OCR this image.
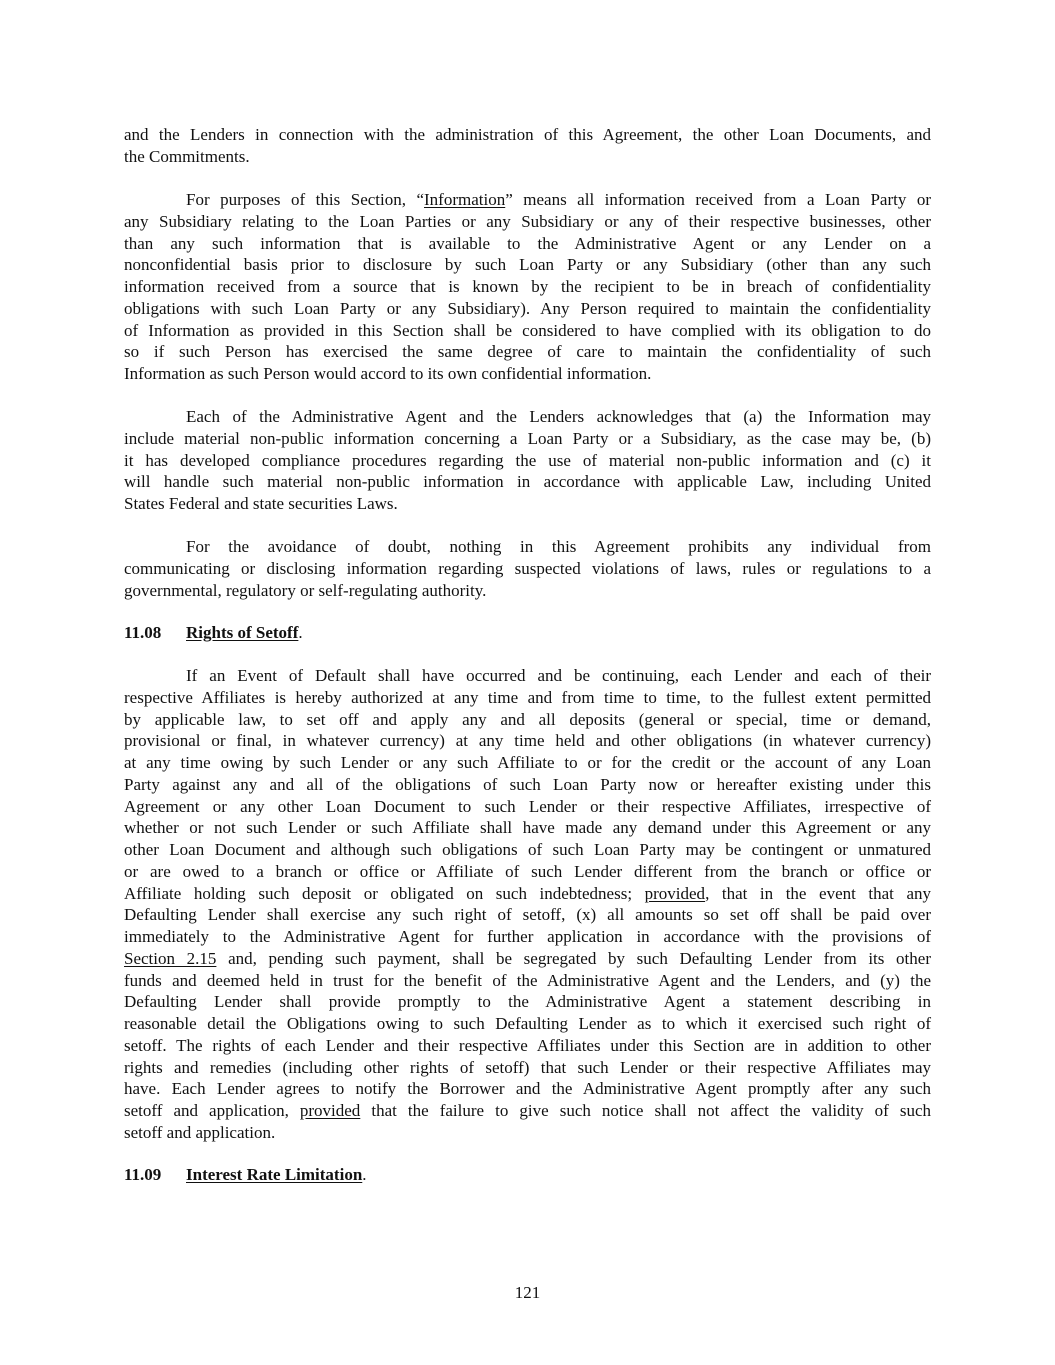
and the Lenders in connection with the administration of this Agreement, the other Loan Documents, and
the Commitments.
For purposes of this Section, “Information” means all information received from a Loan Party or
any Subsidiary relating to the Loan Parties or any Subsidiary or any of their respective businesses, other
than any such information that is available to the Administrative Agent or any Lender on a
nonconfidential basis prior to disclosure by such Loan Party or any Subsidiary (other than any such
information received from a source that is known by the recipient to be in breach of confidentiality
obligations with such Loan Party or any Subsidiary). Any Person required to maintain the confidentiality
of Information as provided in this Section shall be considered to have complied with its obligation to do
so if such Person has exercised the same degree of care to maintain the confidentiality of such
Information as such Person would accord to its own confidential information.
Each of the Administrative Agent and the Lenders acknowledges that (a) the Information may
include material non-public information concerning a Loan Party or a Subsidiary, as the case may be, (b)
it has developed compliance procedures regarding the use of material non-public information and (c) it
will handle such material non-public information in accordance with applicable Law, including United
States Federal and state securities Laws.
For the avoidance of doubt, nothing in this Agreement prohibits any individual from
communicating or disclosing information regarding suspected violations of laws, rules or regulations to a
governmental, regulatory or self-regulating authority.
11.08 Rights of Setoff.
If an Event of Default shall have occurred and be continuing, each Lender and each of their
respective Affiliates is hereby authorized at any time and from time to time, to the fullest extent permitted
by applicable law, to set off and apply any and all deposits (general or special, time or demand,
provisional or final, in whatever currency) at any time held and other obligations (in whatever currency)
at any time owing by such Lender or any such Affiliate to or for the credit or the account of any Loan
Party against any and all of the obligations of such Loan Party now or hereafter existing under this
Agreement or any other Loan Document to such Lender or their respective Affiliates, irrespective of
whether or not such Lender or such Affiliate shall have made any demand under this Agreement or any
other Loan Document and although such obligations of such Loan Party may be contingent or unmatured
or are owed to a branch or office or Affiliate of such Lender different from the branch or office or
Affiliate holding such deposit or obligated on such indebtedness; provided, that in the event that any
Defaulting Lender shall exercise any such right of setoff, (x) all amounts so set off shall be paid over
immediately to the Administrative Agent for further application in accordance with the provisions of
Section 2.15 and, pending such payment, shall be segregated by such Defaulting Lender from its other
funds and deemed held in trust for the benefit of the Administrative Agent and the Lenders, and (y) the
Defaulting Lender shall provide promptly to the Administrative Agent a statement describing in
reasonable detail the Obligations owing to such Defaulting Lender as to which it exercised such right of
setoff. The rights of each Lender and their respective Affiliates under this Section are in addition to other
rights and remedies (including other rights of setoff) that such Lender or their respective Affiliates may
have. Each Lender agrees to notify the Borrower and the Administrative Agent promptly after any such
setoff and application, provided that the failure to give such notice shall not affect the validity of such
setoff and application.
11.09 Interest Rate Limitation.
121
